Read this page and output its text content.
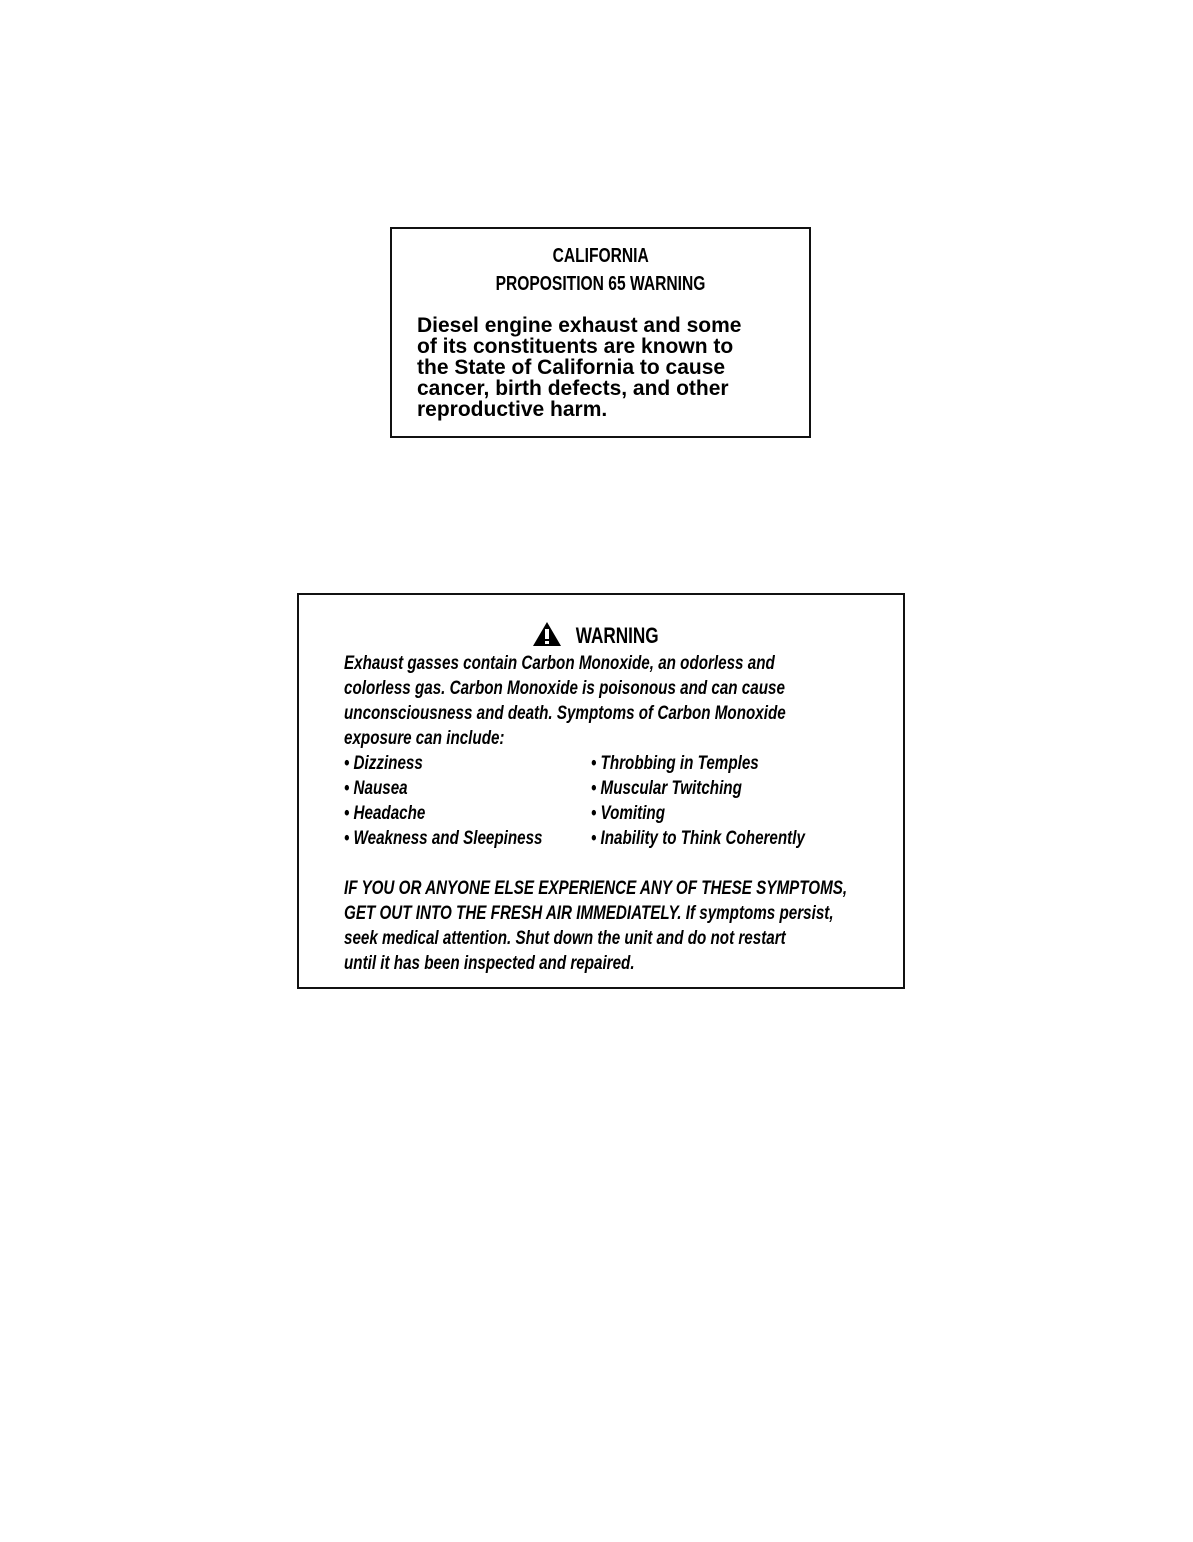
CALIFORNIA
PROPOSITION 65 WARNING
Diesel engine exhaust and some
of its constituents are known to
the State of California to cause
cancer, birth defects, and other
reproductive harm.
WARNING
Exhaust gasses contain Carbon Monoxide, an odorless and
colorless gas. Carbon Monoxide is poisonous and can cause
unconsciousness and death. Symptoms of Carbon Monoxide
exposure can include:
• Dizziness
• Nausea
• Headache
• Weakness and Sleepiness
• Throbbing in Temples
• Muscular Twitching
• Vomiting
• Inability to Think Coherently
IF YOU OR ANYONE ELSE EXPERIENCE ANY OF THESE SYMPTOMS,
GET OUT INTO THE FRESH AIR IMMEDIATELY. If symptoms persist,
seek medical attention. Shut down the unit and do not restart
until it has been inspected and repaired.
